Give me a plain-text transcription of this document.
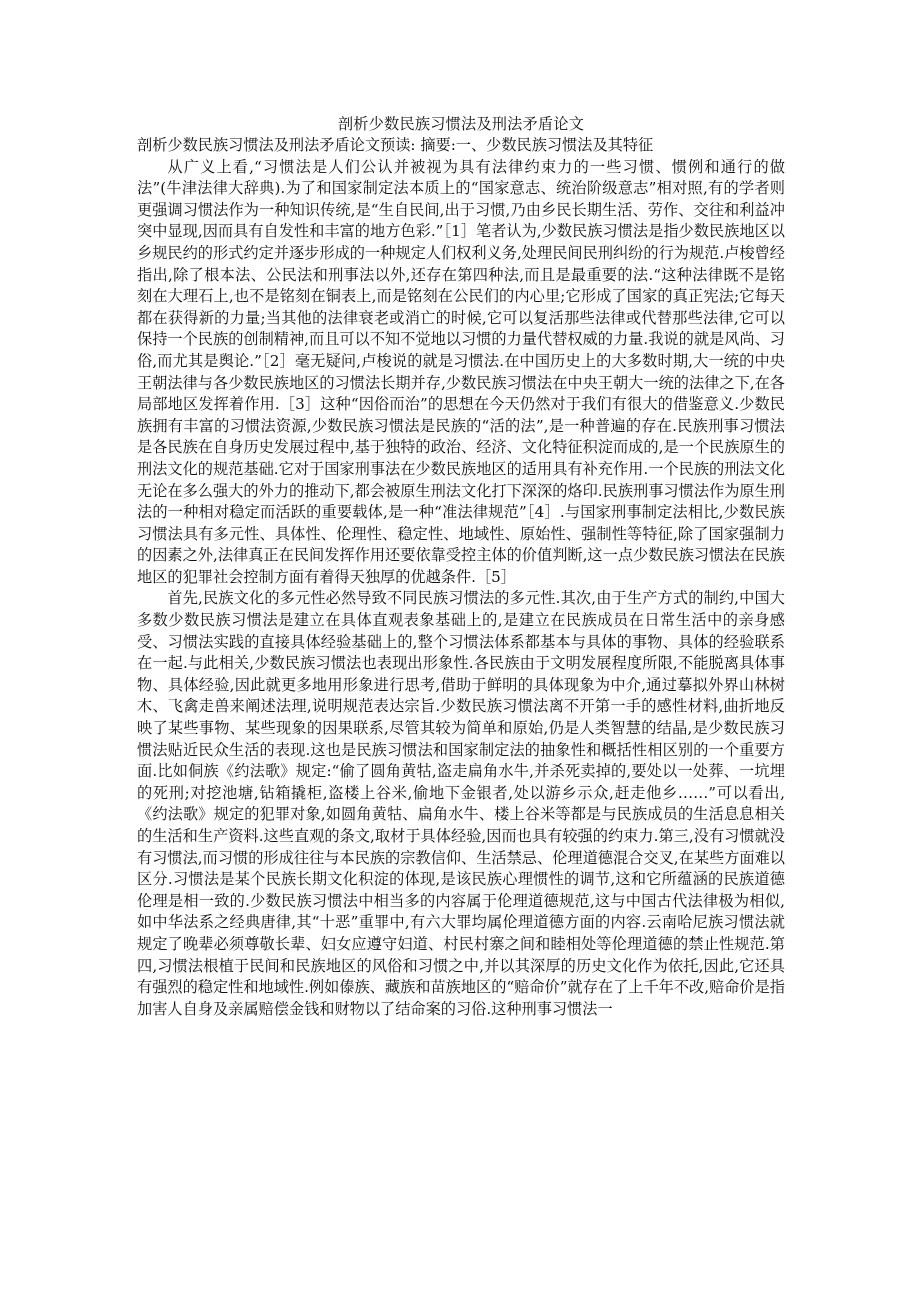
剖析少数民族习惯法及刑法矛盾论文

剖析少数民族习惯法及刑法矛盾论文预读: 摘要:一、少数民族习惯法及其特征

从广义上看,“习惯法是人们公认并被视为具有法律约束力的一些习惯、惯例和通行的做法”(牛津法律大辞典).为了和国家制定法本质上的“国家意志、统治阶级意志”相对照,有的学者则更强调习惯法作为一种知识传统,是“生自民间,出于习惯,乃由乡民长期生活、劳作、交往和利益冲突中显现,因而具有自发性和丰富的地方色彩.”［1］笔者认为,少数民族习惯法是指少数民族地区以乡规民约的形式约定并逐步形成的一种规定人们权利义务,处理民间民刑纠纷的行为规范.卢梭曾经指出,除了根本法、公民法和刑事法以外,还存在第四种法,而且是最重要的法.“这种法律既不是铭刻在大理石上,也不是铭刻在铜表上,而是铭刻在公民们的内心里;它形成了国家的真正宪法;它每天都在获得新的力量;当其他的法律衰老或消亡的时候,它可以复活那些法律或代替那些法律,它可以保持一个民族的创制精神,而且可以不知不觉地以习惯的力量代替权威的力量.我说的就是风尚、习俗,而尤其是舆论.”［2］毫无疑问,卢梭说的就是习惯法.在中国历史上的大多数时期,大一统的中央王朝法律与各少数民族地区的习惯法长期并存,少数民族习惯法在中央王朝大一统的法律之下,在各局部地区发挥着作用.［3］这种“因俗而治”的思想在今天仍然对于我们有很大的借鉴意义.少数民族拥有丰富的习惯法资源,少数民族习惯法是民族的“活的法”,是一种普遍的存在.民族刑事习惯法是各民族在自身历史发展过程中,基于独特的政治、经济、文化特征积淀而成的,是一个民族原生的刑法文化的规范基础.它对于国家刑事法在少数民族地区的适用具有补充作用.一个民族的刑法文化无论在多么强大的外力的推动下,都会被原生刑法文化打下深深的烙印.民族刑事习惯法作为原生刑法的一种相对稳定而活跃的重要载体,是一种“准法律规范”［4］.与国家刑事制定法相比,少数民族习惯法具有多元性、具体性、伦理性、稳定性、地域性、原始性、强制性等特征,除了国家强制力的因素之外,法律真正在民间发挥作用还要依靠受控主体的价值判断,这一点少数民族习惯法在民族地区的犯罪社会控制方面有着得天独厚的优越条件.［5］

首先,民族文化的多元性必然导致不同民族习惯法的多元性.其次,由于生产方式的制约,中国大多数少数民族习惯法是建立在具体直观表象基础上的,是建立在民族成员在日常生活中的亲身感受、习惯法实践的直接具体经验基础上的,整个习惯法体系都基本与具体的事物、具体的经验联系在一起.与此相关,少数民族习惯法也表现出形象性.各民族由于文明发展程度所限,不能脱离具体事物、具体经验,因此就更多地用形象进行思考,借助于鲜明的具体现象为中介,通过摹拟外界山林树木、飞禽走兽来阐述法理,说明规范表达宗旨.少数民族习惯法离不开第一手的感性材料,曲折地反映了某些事物、某些现象的因果联系,尽管其较为简单和原始,仍是人类智慧的结晶,是少数民族习惯法贴近民众生活的表现.这也是民族习惯法和国家制定法的抽象性和概括性相区别的一个重要方面.比如侗族《约法歌》规定:“偷了圆角黄牯,盗走扁角水牛,并杀死卖掉的,要处以一处葬、一坑埋的死刑;对挖池塘,钻箱撬柜,盗楼上谷米,偷地下金银者,处以游乡示众,赶走他乡……”可以看出,《约法歌》规定的犯罪对象,如圆角黄牯、扁角水牛、楼上谷米等都是与民族成员的生活息息相关的生活和生产资料.这些直观的条文,取材于具体经验,因而也具有较强的约束力.第三,没有习惯就没有习惯法,而习惯的形成往往与本民族的宗教信仰、生活禁忌、伦理道德混合交叉,在某些方面难以区分.习惯法是某个民族长期文化积淀的体现,是该民族心理惯性的调节,这和它所蕴涵的民族道德伦理是相一致的.少数民族习惯法中相当多的内容属于伦理道德规范,这与中国古代法律极为相似,如中华法系之经典唐律,其“十恶”重罪中,有六大罪均属伦理道德方面的内容.云南哈尼族习惯法就规定了晚辈必须尊敬长辈、妇女应遵守妇道、村民村寨之间和睦相处等伦理道德的禁止性规范.第四,习惯法根植于民间和民族地区的风俗和习惯之中,并以其深厚的历史文化作为依托,因此,它还具有强烈的稳定性和地域性.例如傣族、藏族和苗族地区的“赔命价”就存在了上千年不改,赔命价是指加害人自身及亲属赔偿金钱和财物以了结命案的习俗.这种刑事习惯法一
